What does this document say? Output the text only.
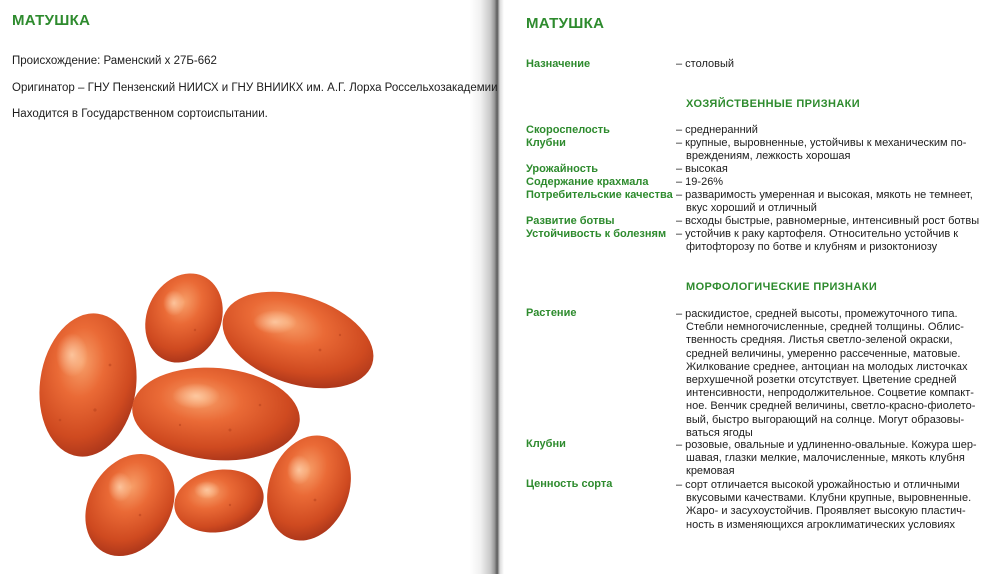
МАТУШКА
Происхождение: Раменский х 27Б-662
Оригинатор – ГНУ Пензенский НИИСХ и ГНУ ВНИИКХ им. А.Г. Лорха Россельхозакадемии
Находится в Государственном сортоиспытании.
МАТУШКА
Назначение	– столовый
ХОЗЯЙСТВЕННЫЕ ПРИЗНАКИ
Скороспелость	– среднеранний
Клубни	– крупные, выровненные, устойчивы к механическим по-
вреждениям, лежкость хорошая
Урожайность	– высокая
Содержание крахмала	– 19-26%
Потребительские качества – разваримость умеренная и высокая, мякоть не темнеет,
вкус хороший и отличный
Развитие ботвы	– всходы быстрые, равномерные, интенсивный рост ботвы
Устойчивость к болезням – устойчив к раку картофеля. Относительно устойчив к
фитофторозу по ботве и клубням и ризоктониозу
МОРФОЛОГИЧЕСКИЕ ПРИЗНАКИ
Растение	– раскидистое, средней высоты, промежуточного типа.
Стебли немногочисленные, средней толщины. Облис-
твенность средняя. Листья светло-зеленой окраски,
средней величины, умеренно рассеченные, матовые.
Жилкование среднее, антоциан на молодых листочках
верхушечной розетки отсутствует. Цветение средней
интенсивности, непродолжительное. Соцветие компакт-
ное. Венчик средней величины, светло-красно-фиолето-
вый, быстро выгорающий на солнце. Могут образовы-
ваться ягоды
Клубни	– розовые, овальные и удлиненно-овальные. Кожура шер-
шавая, глазки мелкие, малочисленные, мякоть клубня
кремовая
Ценность сорта	– сорт отличается высокой урожайностью и отличными
вкусовыми качествами. Клубни крупные, выровненные.
Жаро- и засухоустойчив. Проявляет высокую пластич-
ность в изменяющихся агроклиматических условиях
